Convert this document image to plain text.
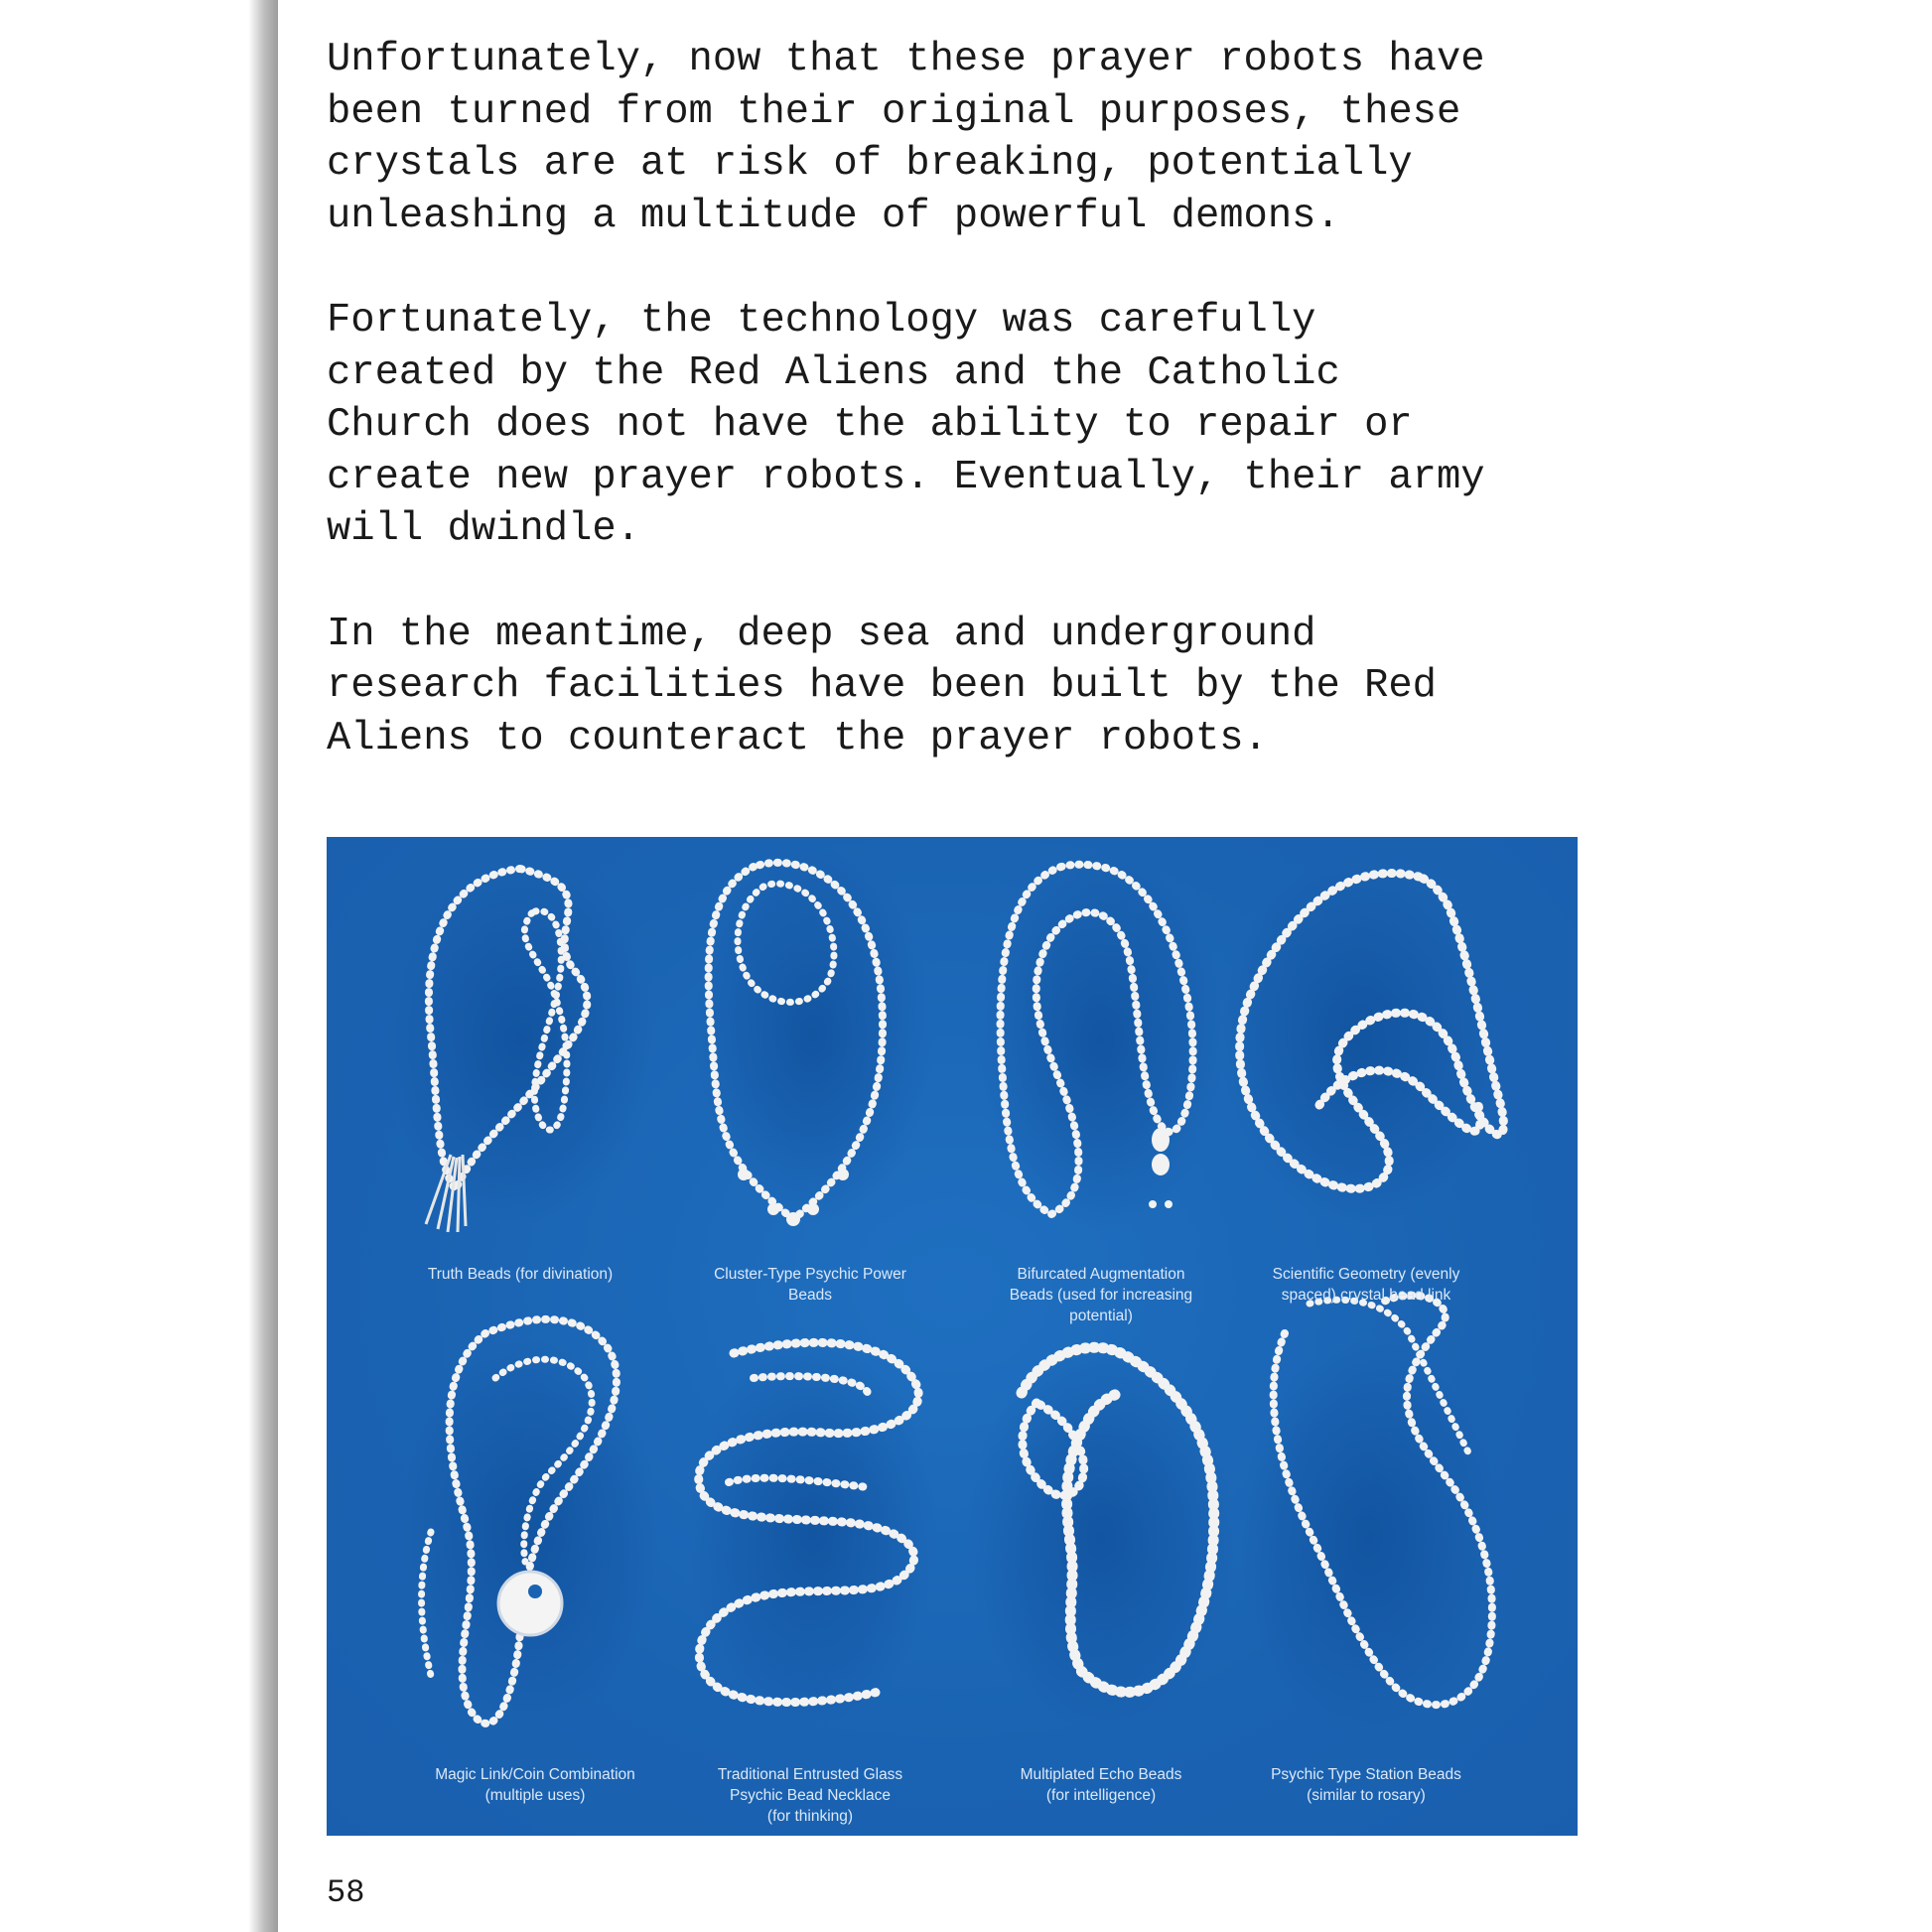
Unfortunately, now that these prayer robots have
been turned from their original purposes, these
crystals are at risk of breaking, potentially
unleashing a multitude of powerful demons.

Fortunately, the technology was carefully
created by the Red Aliens and the Catholic
Church does not have the ability to repair or
create new prayer robots. Eventually, their army
will dwindle.

In the meantime, deep sea and underground
research facilities have been built by the Red
Aliens to counteract the prayer robots.

Truth Beads (for divination)	Cluster-Type Psychic Power
Beads
Bifurcated Augmentation
Beads (used for increasing
potential)
Scientific Geometry (evenly
spaced) crystal bead link
Magic Link/Coin Combination
(multiple uses)
Traditional Entrusted Glass
Psychic Bead Necklace
(for thinking)
Multiplated Echo Beads
(for intelligence)
Psychic Type Station Beads
(similar to rosary)
58
